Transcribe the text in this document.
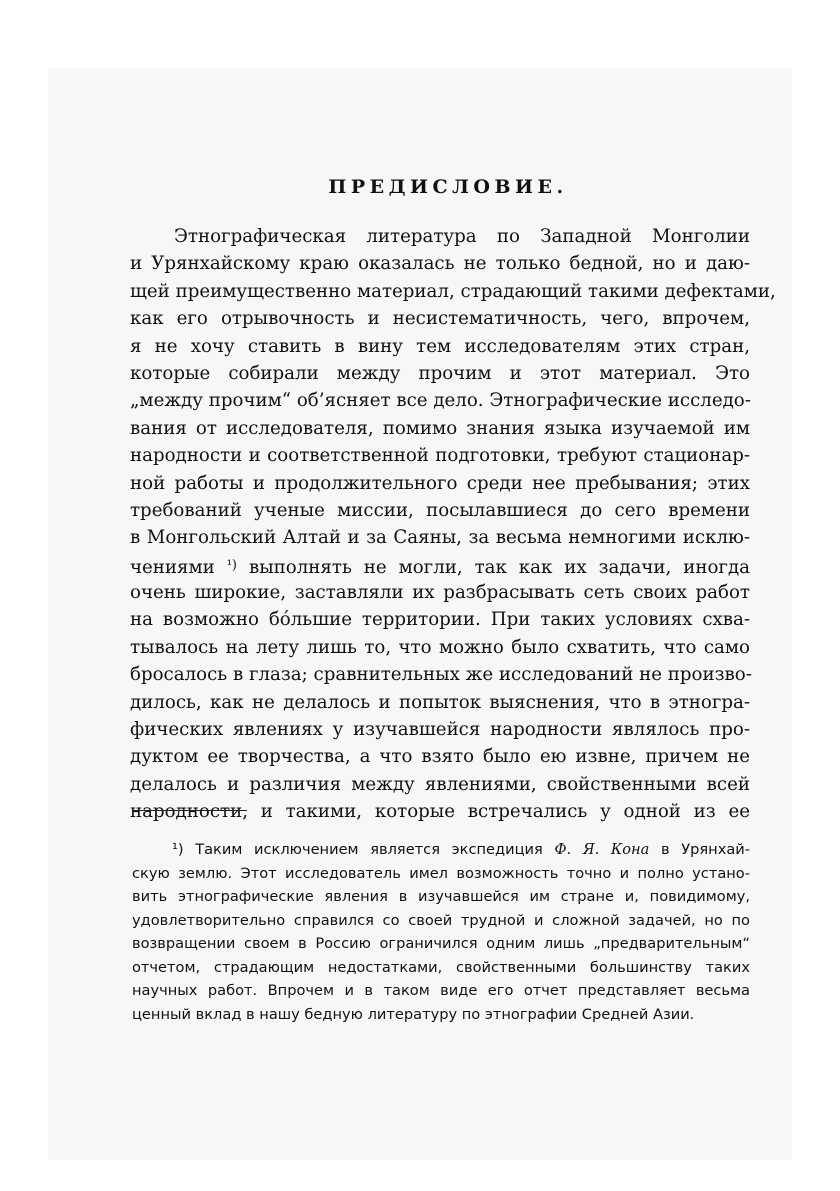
ПРЕДИСЛОВИЕ.
Этнографическая литература по Западной Монголии
и Урянхайскому краю оказалась не только бедной, но и даю-
щей преимущественно материал, страдающий такими дефектами,
как его отрывочность и несистематичность, чего, впрочем,
я не хочу ставить в вину тем исследователям этих стран,
которые собирали между прочим и этот материал. Это
„между прочим“ об’ясняет все дело. Этнографические исследо-
вания от исследователя, помимо знания языка изучаемой им
народности и соответственной подготовки, требуют стационар-
ной работы и продолжительного среди нее пребывания; этих
требований ученые миссии, посылавшиеся до сего времени
в Монгольский Алтай и за Саяны, за весьма немногими исклю-
чениями $^{^1)}$ выполнять не могли, так как их задачи, иногда
очень широкие, заставляли их разбрасывать сеть своих работ
на возможно бо́льшие территории. При таких условиях схва-
тывалось на лету лишь то, что можно было схватить, что само
бросалось в глаза; сравнительных же исследований не произво-
дилось, как не делалось и попыток выяснения, что в этногра-
фических явлениях у изучавшейся народности являлось про-
дуктом ее творчества, а что взято было ею извне, причем не
делалось и различия между явлениями, свойственными всей
народности, и такими, которые встречались у одной из ее
¹) Таким исключением является экспедиция Ф. Я. Кона в Урянхай-
скую землю. Этот исследователь имел возможность точно и полно устано-
вить этнографические явления в изучавшейся им стране и, повидимому,
удовлетворительно справился со своей трудной и сложной задачей, но по
возвращении своем в Россию ограничился одним лишь „предварительным“
отчетом, страдающим недостатками, свойственными большинству таких
научных работ. Впрочем и в таком виде его отчет представляет весьма
ценный вклад в нашу бедную литературу по этнографии Средней Азии.
